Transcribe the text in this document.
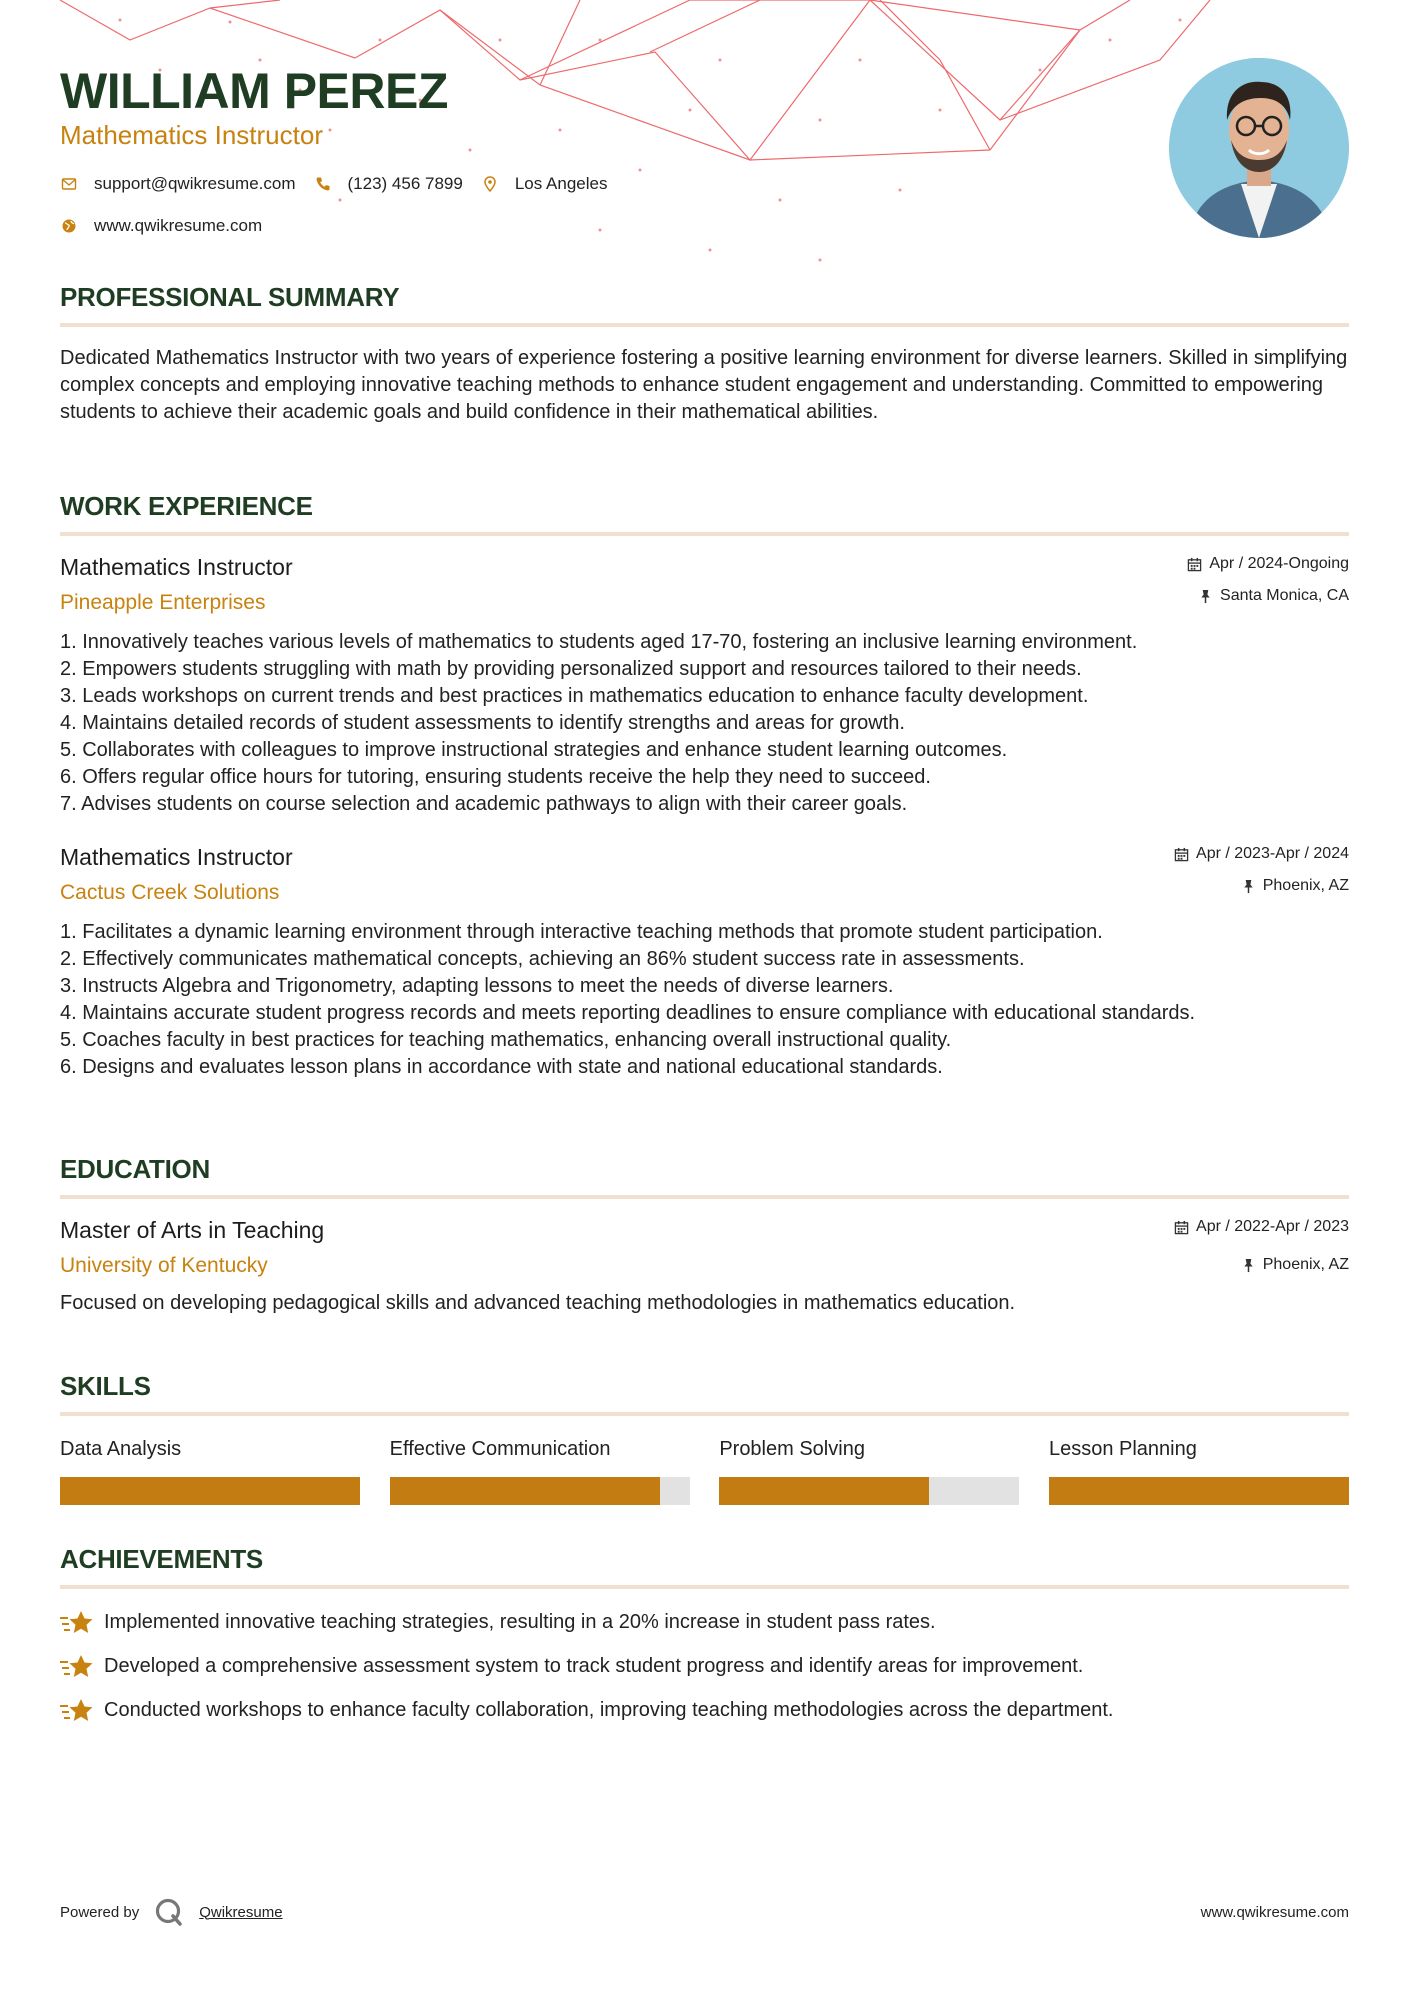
WILLIAM PEREZ
Mathematics Instructor
support@qwikresume.com	(123) 456 7899	Los Angeles
www.qwikresume.com
PROFESSIONAL SUMMARY
Dedicated Mathematics Instructor with two years of experience fostering a positive learning environment for diverse learners. Skilled in simplifying complex concepts and employing innovative teaching methods to enhance student engagement and understanding. Committed to empowering students to achieve their academic goals and build confidence in their mathematical abilities.
WORK EXPERIENCE
Mathematics Instructor
Pineapple Enterprises
Apr / 2024-Ongoing
Santa Monica, CA
1. Innovatively teaches various levels of mathematics to students aged 17-70, fostering an inclusive learning environment.
2. Empowers students struggling with math by providing personalized support and resources tailored to their needs.
3. Leads workshops on current trends and best practices in mathematics education to enhance faculty development.
4. Maintains detailed records of student assessments to identify strengths and areas for growth.
5. Collaborates with colleagues to improve instructional strategies and enhance student learning outcomes.
6. Offers regular office hours for tutoring, ensuring students receive the help they need to succeed.
7. Advises students on course selection and academic pathways to align with their career goals.
Mathematics Instructor
Cactus Creek Solutions
Apr / 2023-Apr / 2024
Phoenix, AZ
1. Facilitates a dynamic learning environment through interactive teaching methods that promote student participation.
2. Effectively communicates mathematical concepts, achieving an 86% student success rate in assessments.
3. Instructs Algebra and Trigonometry, adapting lessons to meet the needs of diverse learners.
4. Maintains accurate student progress records and meets reporting deadlines to ensure compliance with educational standards.
5. Coaches faculty in best practices for teaching mathematics, enhancing overall instructional quality.
6. Designs and evaluates lesson plans in accordance with state and national educational standards.
EDUCATION
Master of Arts in Teaching
University of Kentucky
Apr / 2022-Apr / 2023
Phoenix, AZ
Focused on developing pedagogical skills and advanced teaching methodologies in mathematics education.
SKILLS
Data Analysis	Effective Communication	Problem Solving	Lesson Planning
ACHIEVEMENTS
Implemented innovative teaching strategies, resulting in a 20% increase in student pass rates.
Developed a comprehensive assessment system to track student progress and identify areas for improvement.
Conducted workshops to enhance faculty collaboration, improving teaching methodologies across the department.
Powered by	Qwikresume	www.qwikresume.com
